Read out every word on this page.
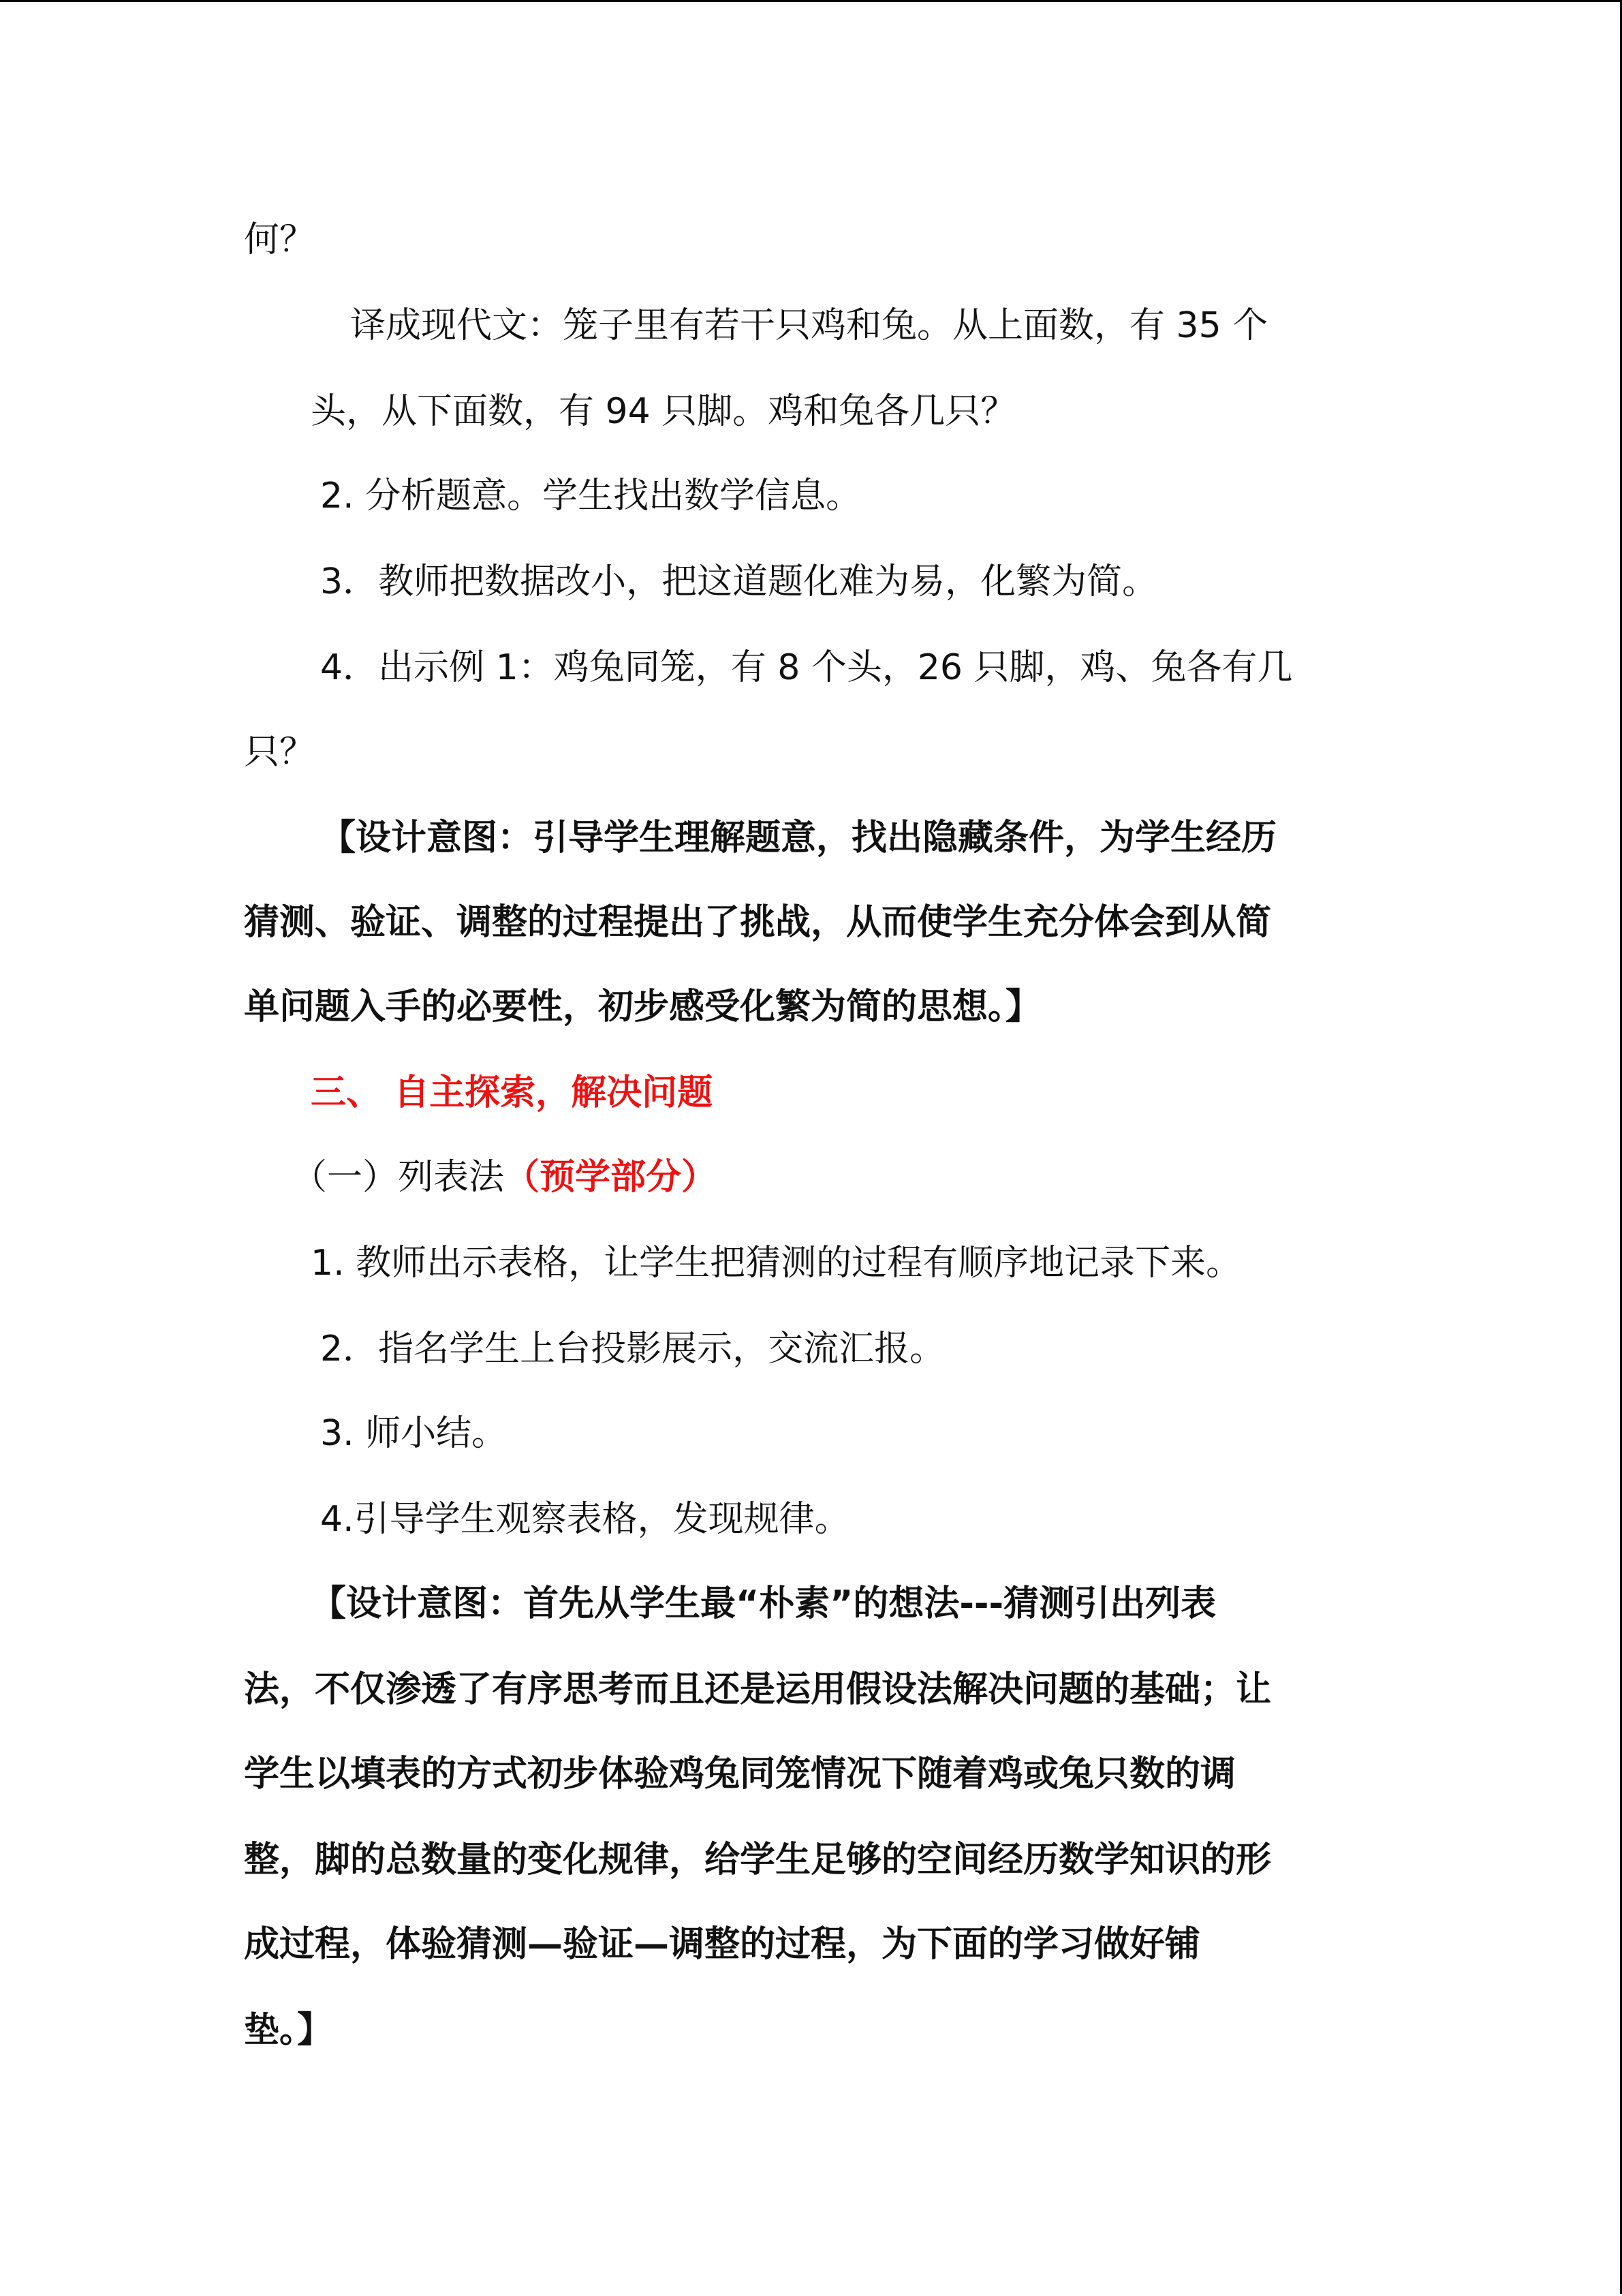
何？
译成现代文：笼子里有若干只鸡和兔。从上面数，有 35 个
头，从下面数，有 94 只脚。鸡和兔各几只？
2. 分析题意。学生找出数学信息。
3．教师把数据改小，把这道题化难为易，化繁为简。
4．出示例 1：鸡兔同笼，有 8 个头，26 只脚，鸡、兔各有几
只？
【设计意图：引导学生理解题意，找出隐藏条件，为学生经历
猜测、验证、调整的过程提出了挑战，从而使学生充分体会到从简
单问题入手的必要性，初步感受化繁为简的思想。】
三、 自主探索，解决问题
（一）列表法（预学部分）
1. 教师出示表格，让学生把猜测的过程有顺序地记录下来。
2．指名学生上台投影展示，交流汇报。
3. 师小结。
4.引导学生观察表格，发现规律。
【设计意图：首先从学生最“朴素”的想法---猜测引出列表
法，不仅渗透了有序思考而且还是运用假设法解决问题的基础；让
学生以填表的方式初步体验鸡兔同笼情况下随着鸡或兔只数的调
整，脚的总数量的变化规律，给学生足够的空间经历数学知识的形
成过程，体验猜测—验证—调整的过程，为下面的学习做好铺
垫。】
